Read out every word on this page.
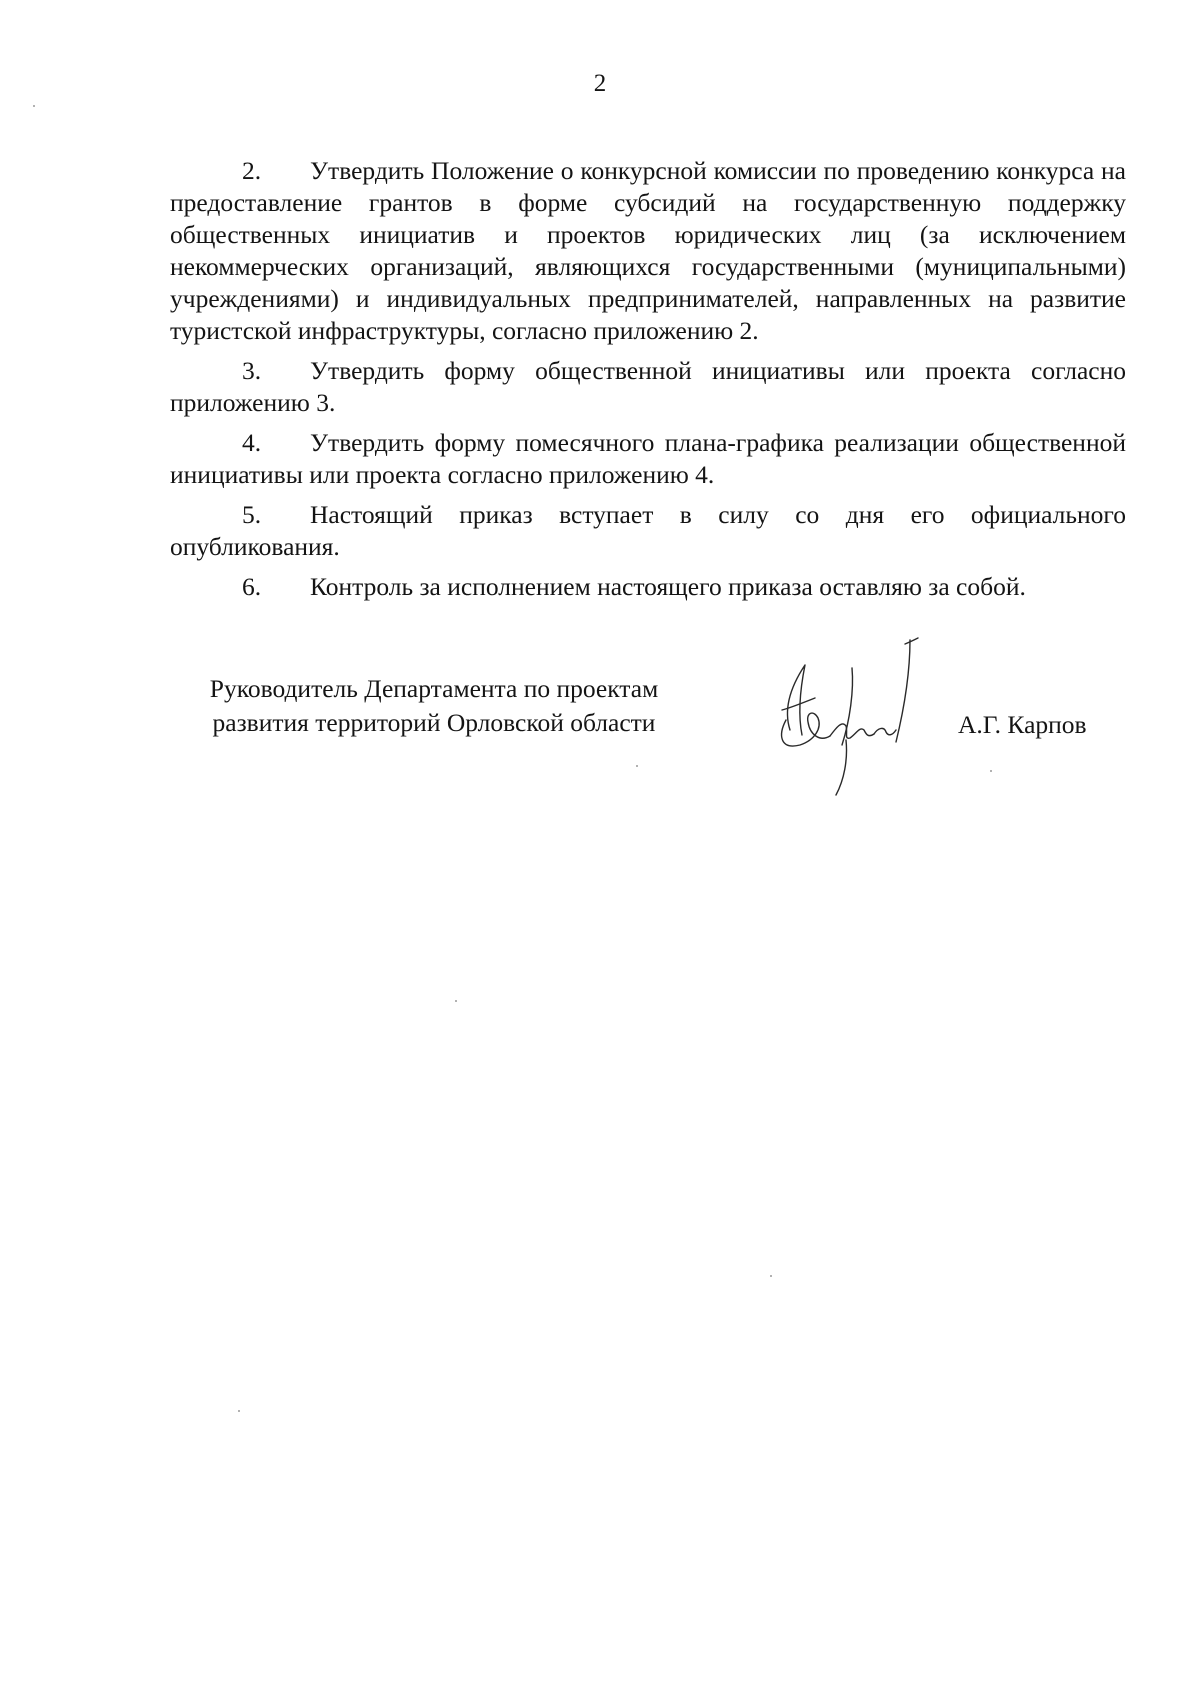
2

2. Утвердить Положение о конкурсной комиссии по проведению конкурса на предоставление грантов в форме субсидий на государственную поддержку общественных инициатив и проектов юридических лиц (за исключением некоммерческих организаций, являющихся государственными (муниципальными) учреждениями) и индивидуальных предпринимателей, направленных на развитие туристской инфраструктуры, согласно приложению 2.

3. Утвердить форму общественной инициативы или проекта согласно приложению 3.

4. Утвердить форму помесячного плана-графика реализации общественной инициативы или проекта согласно приложению 4.

5. Настоящий приказ вступает в силу со дня его официального опубликования.

6. Контроль за исполнением настоящего приказа оставляю за собой.

Руководитель Департамента по проектам
развития территорий Орловской области	А.Г. Карпов
